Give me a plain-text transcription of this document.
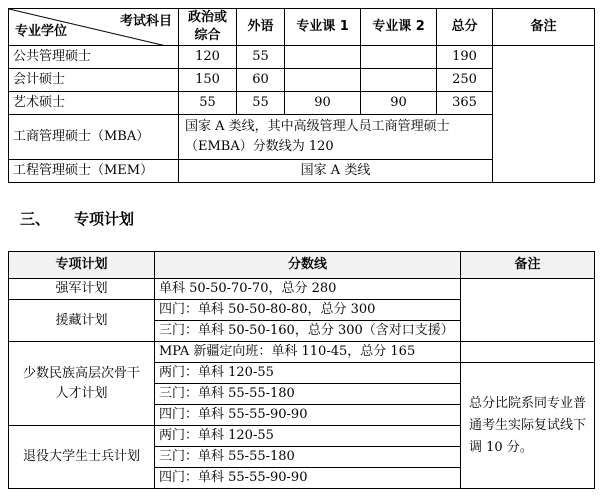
考试科目
专业学位	政治或综合	外语	专业课 1	专业课 2	总分	备注
公共管理硕士	120	55			190	
会计硕士	150	60			250	
艺术硕士	55	55	90	90	365	
工商管理硕士（MBA）	国家 A 类线，其中高级管理人员工商管理硕士（EMBA）分数线为 120					
工程管理硕士（MEM）	国家 A 类线					
三、 专项计划
专项计划	分数线	备注
强军计划	单科 50-50-70-70，总分 280	
援藏计划	四门：单科 50-50-80-80，总分 300	
	三门：单科 50-50-160，总分 300（含对口支援）	
少数民族高层次骨干人才计划	MPA 新疆定向班：单科 110-45，总分 165	
	两门：单科 120-55	总分比院系同专业普通考生实际复试线下调 10 分。
	三门：单科 55-55-180	
	四门：单科 55-55-90-90	
退役大学生士兵计划	两门：单科 120-55	
	三门：单科 55-55-180	
	四门：单科 55-55-90-90	
